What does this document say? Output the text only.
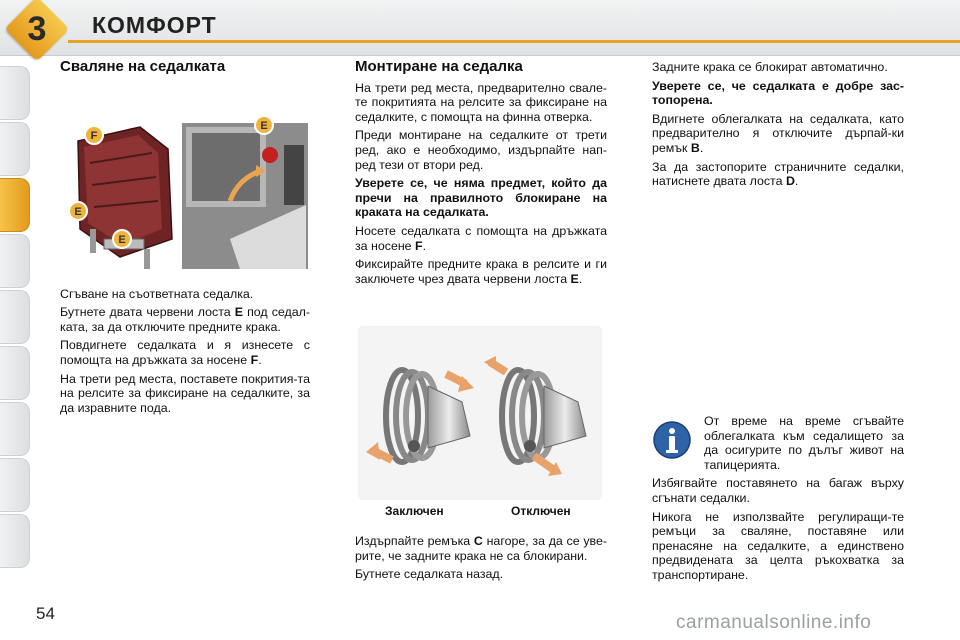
3	КОМФОРТ
Сваляне на седалката
F
E
E
E

Сгъване на съответната седалка.

Бутнете двата червени лоста E под седал-ката, за да отключите предните крака.

Повдигнете седалката и я изнесете с помощта на дръжката за носене F.

На трети ред места, поставете покрития-та на релсите за фиксиране на седалките, за да изравните пода.

Монтиране на седалка

На трети ред места, предварително свале-те покритията на релсите за фиксиране на седалките, с помощта на финна отверка.

Преди монтиране на седалките от трети ред, ако е необходимо, издърпайте нап-ред тези от втори ред.

Уверете се, че няма предмет, който да пречи на правилното блокиране на краката на седалката.

Носете седалката с помощта на дръжката за носене F.

Фиксирайте предните крака в релсите и ги заключете чрез двата червени лоста E.

Заключен	Отключен

Издърпайте ремъка C нагоре, за да се уве-рите, че задните крака не са блокирани.

Бутнете седалката назад.

Задните крака се блокират автоматично.

Уверете се, че седалката е добре зас-топорена.

Вдигнете облегалката на седалката, като предварително я отключите дърпай-ки ремък B.

За да застопорите страничните седалки, натиснете двата лоста D.

От време на време сгъвайте облегалката към седалището за да осигурите по дълъг живот на тапицерията.

Избягвайте поставянето на багаж върху сгънати седалки.

Никога не използвайте регулиращи-те ремъци за сваляне, поставяне или пренасяне на седалките, а единствено предвидената за целта ръкохватка за транспортиране.

54	carmanualsonline.info
